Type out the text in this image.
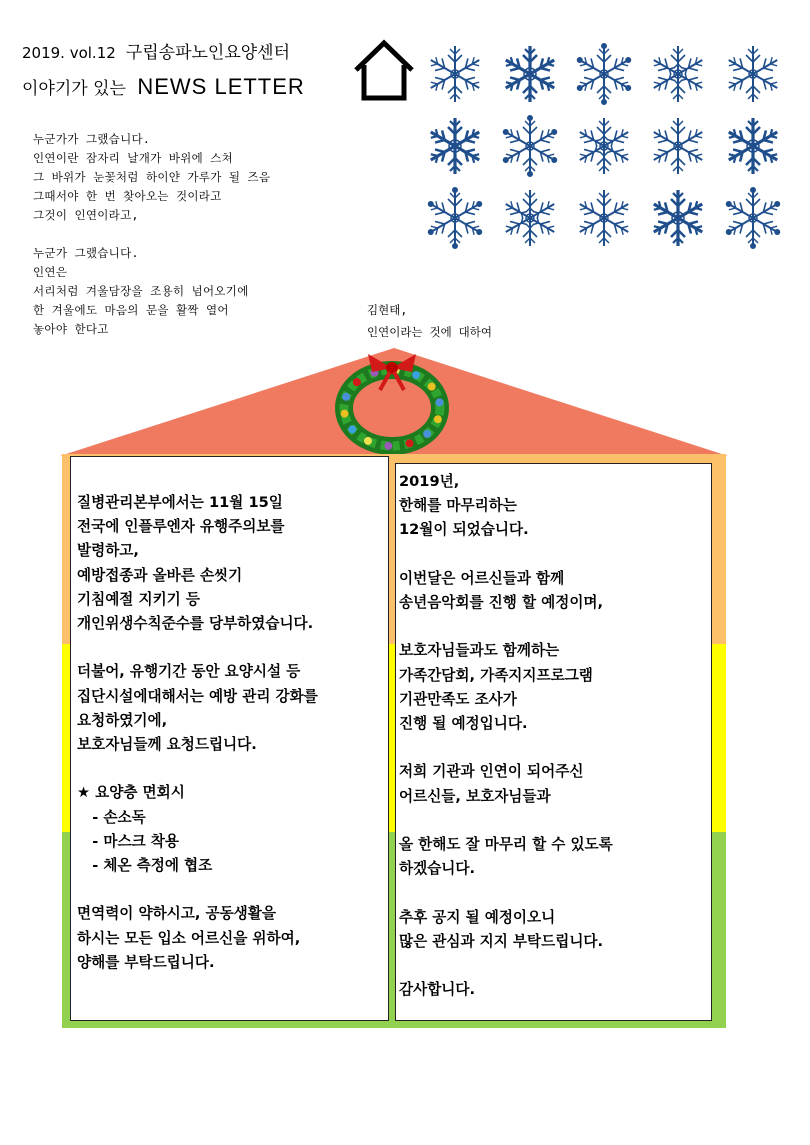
2019. vol.12 구립송파노인요양센터
이야기가 있는 NEWS LETTER
누군가가 그랬습니다.
인연이란 잠자리 날개가 바위에 스쳐
그 바위가 눈꽃처럼 하이얀 가루가 될 즈음
그때서야 한 번 찾아오는 것이라고
그것이 인연이라고,
누군가 그랬습니다.
인연은
서리처럼 겨울담장을 조용히 넘어오기에
한 겨울에도 마음의 문을 활짝 열어
놓아야 한다고
김현태,
인연이라는 것에 대하여
질병관리본부에서는 11월 15일
전국에 인플루엔자 유행주의보를
발령하고,
예방접종과 올바른 손씻기
기침예절 지키기 등
개인위생수칙준수를 당부하였습니다.
더불어, 유행기간 동안 요양시설 등
집단시설에대해서는 예방 관리 강화를
요청하였기에,
보호자님들께 요청드립니다.
★ 요양층 면회시
- 손소독
- 마스크 착용
- 체온 측정에 협조
면역력이 약하시고, 공동생활을
하시는 모든 입소 어르신을 위하여,
양해를 부탁드립니다.
2019년,
한해를 마무리하는
12월이 되었습니다.
이번달은 어르신들과 함께
송년음악회를 진행 할 예정이며,
보호자님들과도 함께하는
가족간담회, 가족지지프로그램
기관만족도 조사가
진행 될 예정입니다.
저희 기관과 인연이 되어주신
어르신들, 보호자님들과
올 한해도 잘 마무리 할 수 있도록
하겠습니다.
추후 공지 될 예정이오니
많은 관심과 지지 부탁드립니다.
감사합니다.
